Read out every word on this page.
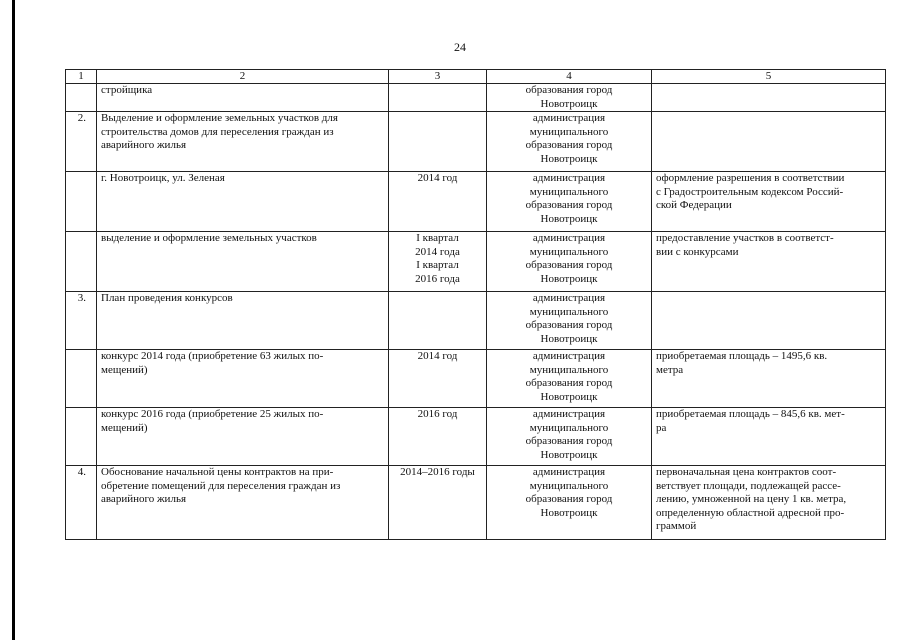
24
1	2	3	4	5
	стройщика		образования город
Новотроицк	

2.	Выделение и оформление земельных участков для
строительства домов для переселения граждан из
аварийного жилья		администрация
муниципального
образования город
Новотроицк	
	г. Новотроицк, ул. Зеленая	2014 год	администрация
муниципального
образования город
Новотроицк	оформление разрешения в соответствии
с Градостроительным кодексом Россий-
ской Федерации
	выделение и оформление земельных участков	I квартал
2014 года
I квартал
2016 года	администрация
муниципального
образования город
Новотроицк	предоставление участков в соответст-
вии с конкурсами

3.	План проведения конкурсов		администрация
муниципального
образования город
Новотроицк	
	конкурс 2014 года (приобретение 63 жилых по-
мещений)	2014 год	администрация
муниципального
образования город
Новотроицк	приобретаемая площадь – 1495,6 кв.
метра
	конкурс 2016 года (приобретение 25 жилых по-
мещений)	2016 год	администрация
муниципального
образования город
Новотроицк	приобретаемая площадь – 845,6 кв. мет-
ра

4.	Обоснование начальной цены контрактов на при-
обретение помещений для переселения граждан из
аварийного жилья	2014–2016 годы	администрация
муниципального
образования город
Новотроицк	первоначальная цена контрактов соот-
ветствует площади, подлежащей рассе-
лению, умноженной на цену 1 кв. метра,
определенную областной адресной про-
граммой
